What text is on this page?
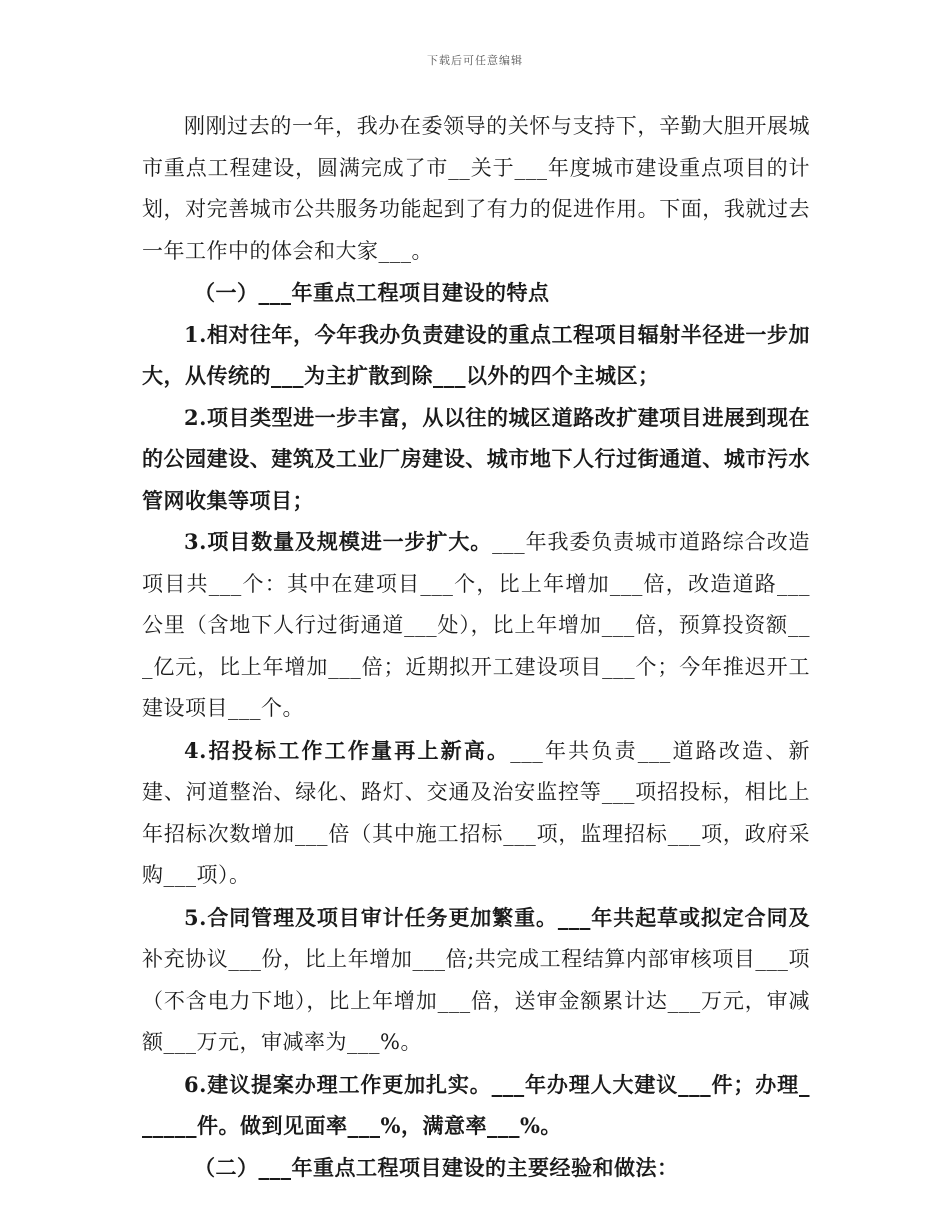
下载后可任意编辑

刚刚过去的一年，我办在委领导的关怀与支持下，辛勤大胆开展城市重点工程建设，圆满完成了市__关于___年度城市建设重点项目的计划，对完善城市公共服务功能起到了有力的促进作用。下面，我就过去一年工作中的体会和大家___。

（一）___年重点工程项目建设的特点

1.相对往年，今年我办负责建设的重点工程项目辐射半径进一步加大，从传统的___为主扩散到除___以外的四个主城区；

2.项目类型进一步丰富，从以往的城区道路改扩建项目进展到现在的公园建设、建筑及工业厂房建设、城市地下人行过街通道、城市污水管网收集等项目；

3.项目数量及规模进一步扩大。___年我委负责城市道路综合改造项目共___个：其中在建项目___个，比上年增加___倍，改造道路___公里（含地下人行过街通道___处），比上年增加___倍，预算投资额___亿元，比上年增加___倍；近期拟开工建设项目___个；今年推迟开工建设项目___个。

4.招投标工作工作量再上新高。___年共负责___道路改造、新建、河道整治、绿化、路灯、交通及治安监控等___项招投标，相比上年招标次数增加___倍（其中施工招标___项，监理招标___项，政府采购___项）。

5.合同管理及项目审计任务更加繁重。___年共起草或拟定合同及补充协议___份，比上年增加___倍;共完成工程结算内部审核项目___项（不含电力下地），比上年增加___倍，送审金额累计达___万元，审减额___万元，审减率为___%。

6.建议提案办理工作更加扎实。___年办理人大建议___件；办理______件。做到见面率___%，满意率___%。

（二）___年重点工程项目建设的主要经验和做法：
